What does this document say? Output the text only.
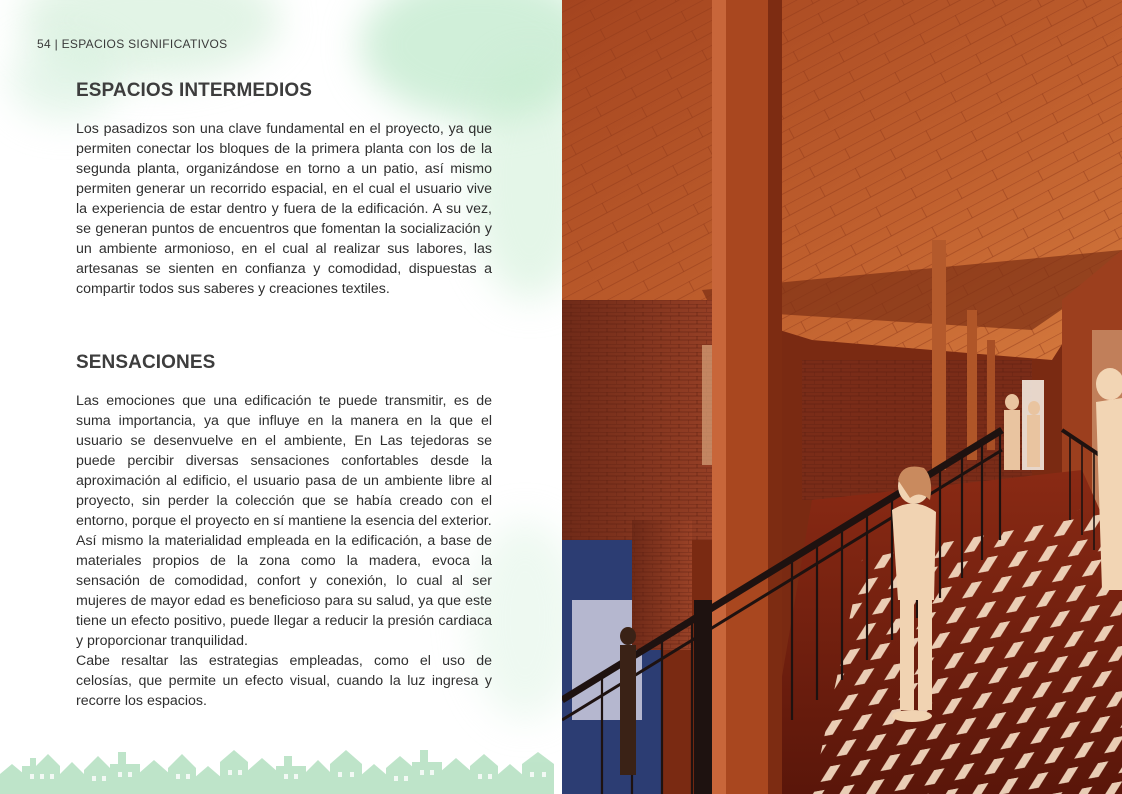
54 | ESPACIOS SIGNIFICATIVOS
ESPACIOS INTERMEDIOS

Los pasadizos son una clave fundamental en el proyecto, ya que permiten conectar los bloques de la primera planta con los de la segunda planta, organizándose en torno a un patio, así mismo permiten generar un recorrido espacial, en el cual el usuario vive la experiencia de estar dentro y fuera de la edificación. A su vez, se generan puntos de encuentros que fomentan la socialización y un ambiente armonioso, en el cual al realizar sus labores, las artesanas se sienten en confianza y comodidad, dispuestas a compartir todos sus saberes y creaciones textiles.

SENSACIONES

Las emociones que una edificación te puede transmitir, es de suma importancia, ya que influye en la manera en la que el usuario se desenvuelve en el ambiente, En Las tejedoras se puede percibir diversas sensaciones confortables desde la aproximación al edificio, el usuario pasa de un ambiente libre al proyecto, sin perder la colección que se había creado con el entorno, porque el proyecto en sí mantiene la esencia del exterior.

Así mismo la materialidad empleada en la edificación, a base de materiales propios de la zona como la madera, evoca la sensación de comodidad, confort y conexión, lo cual al ser mujeres de mayor edad es beneficioso para su salud, ya que este tiene un efecto positivo, puede llegar a reducir la presión cardiaca y proporcionar tranquilidad.

Cabe resaltar las estrategias empleadas, como el uso de celosías, que permite un efecto visual, cuando la luz ingresa y recorre los espacios.
